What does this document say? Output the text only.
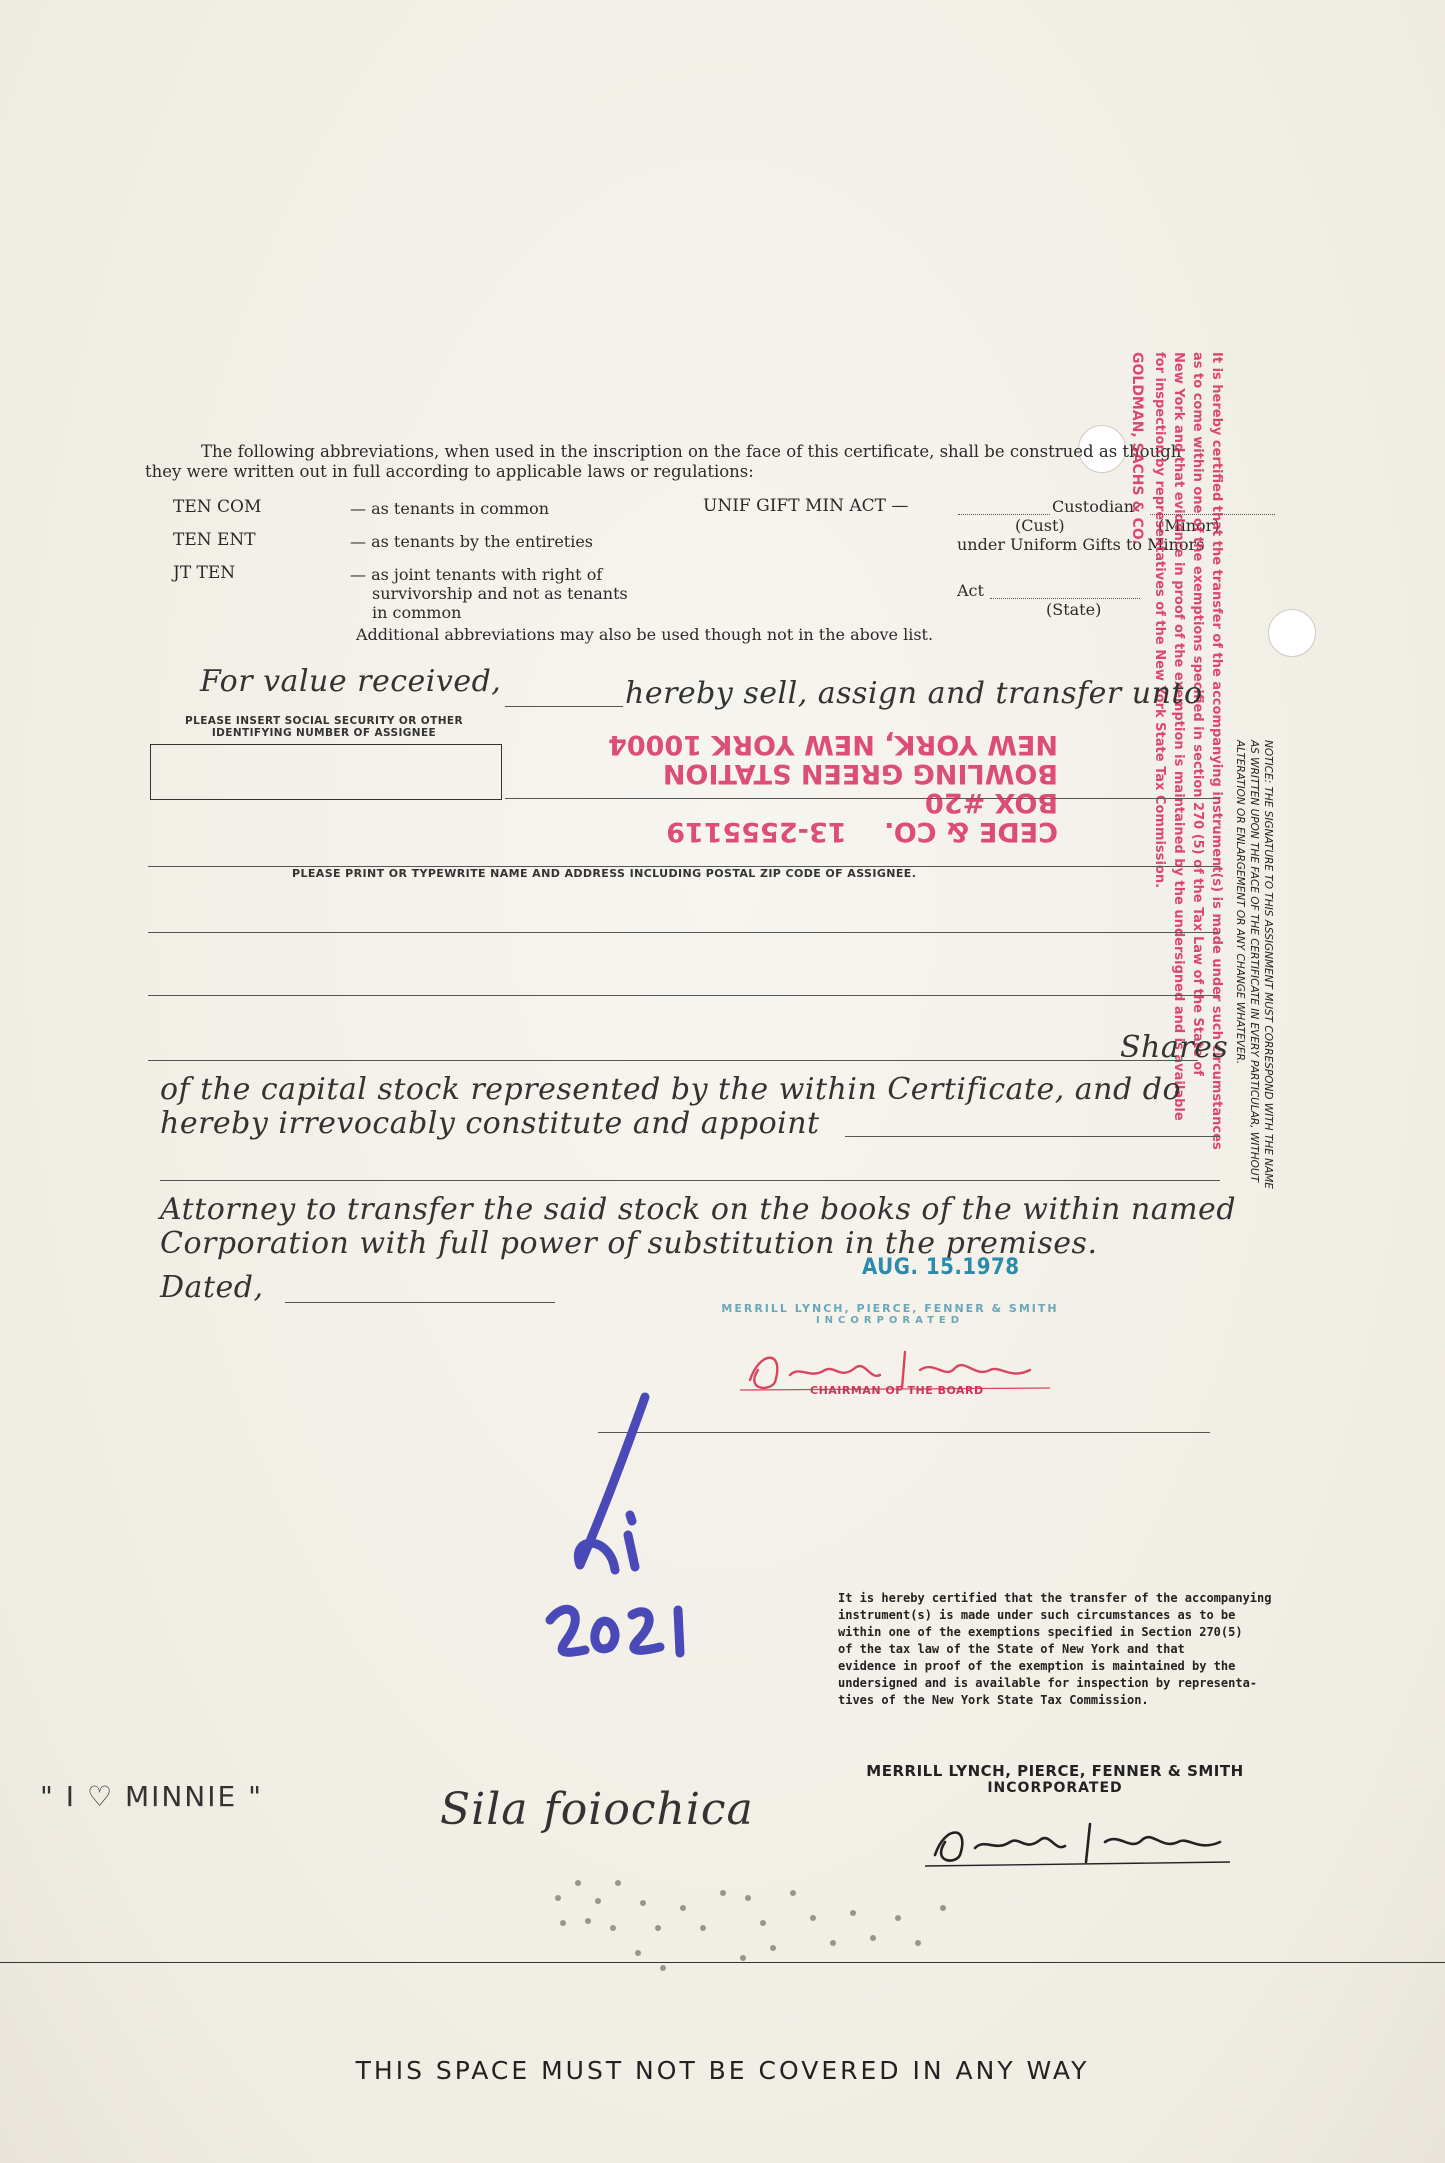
The following abbreviations, when used in the inscription on the face of this certificate, shall be construed as though
they were written out in full according to applicable laws or regulations:
TEN COM	— as tenants in common
TEN ENT	— as tenants by the entireties
JT TEN	— as joint tenants with right of
survivorship and not as tenants
in common
UNIF GIFT MIN ACT —	Custodian
(Cust)	(Minor)
under Uniform Gifts to Minors
Act
(State)
Additional abbreviations may also be used though not in the above list.	It is hereby certified that the transfer of the accompanying instrument(s) is made under such circumstances
as to come within one of the exemptions specified in section 270 (5) of the Tax Law of the State of
New York and that evidence in proof of the exemption is maintained by the undersigned and is available
for inspection by representatives of the New York State Tax Commission.
GOLDMAN, SACHS & CO.
NOTICE: THE SIGNATURE TO THIS ASSIGNMENT MUST CORRESPOND WITH THE NAME
AS WRITTEN UPON THE FACE OF THE CERTIFICATE IN EVERY PARTICULAR, WITHOUT
ALTERATION OR ENLARGEMENT OR ANY CHANGE WHATEVER.
For value received,	hereby sell, assign and transfer unto
PLEASE INSERT SOCIAL SECURITY OR OTHER
IDENTIFYING NUMBER OF ASSIGNEE
CEDE & CO.    13-2555119
BOX #20
BOWLING GREEN STATION
NEW YORK, NEW YORK 10004
PLEASE PRINT OR TYPEWRITE NAME AND ADDRESS INCLUDING POSTAL ZIP CODE OF ASSIGNEE.
Shares
of the capital stock represented by the within Certificate, and do
hereby irrevocably constitute and appoint
Attorney to transfer the said stock on the books of the within named
Corporation with full power of substitution in the premises.
Dated,
AUG. 15.1978
MERRILL LYNCH, PIERCE, FENNER & SMITH
INCORPORATED
CHAIRMAN OF THE BOARD
It is hereby certified that the transfer of the accompanying
instrument(s) is made under such circumstances as to be
within one of the exemptions specified in Section 270(5)
of the tax law of the State of New York and that
evidence in proof of the exemption is maintained by the
undersigned and is available for inspection by representa-
tives of the New York State Tax Commission.
MERRILL LYNCH, PIERCE, FENNER & SMITH
INCORPORATED
" I ♡ MINNIE "	Sila foiochica
THIS SPACE MUST NOT BE COVERED IN ANY WAY
